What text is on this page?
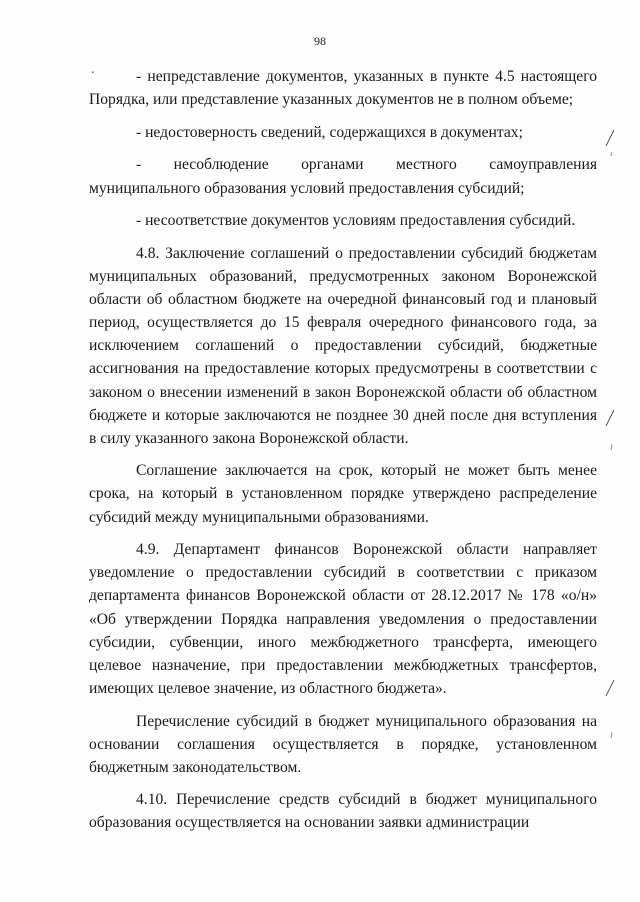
98
.	- непредставление документов, указанных в пункте 4.5 настоящего Порядка, или представление указанных документов не в полном объеме;

- недостоверность сведений, содержащихся в документах;

- несоблюдение органами местного самоуправления муниципального образования условий предоставления субсидий;

- несоответствие документов условиям предоставления субсидий.

4.8. Заключение соглашений о предоставлении субсидий бюджетам муниципальных образований, предусмотренных законом Воронежской области об областном бюджете на очередной финансовый год и плановый период, осуществляется до 15 февраля очередного финансового года, за исключением соглашений о предоставлении субсидий, бюджетные ассигнования на предоставление которых предусмотрены в соответствии с законом о внесении изменений в закон Воронежской области об областном бюджете и которые заключаются не позднее 30 дней после дня вступления в силу указанного закона Воронежской области.

Соглашение заключается на срок, который не может быть менее срока, на который в установленном порядке утверждено распределение субсидий между муниципальными образованиями.

4.9. Департамент финансов Воронежской области направляет уведомление о предоставлении субсидий в соответствии с приказом департамента финансов Воронежской области от 28.12.2017 № 178 «о/н» «Об утверждении Порядка направления уведомления о предоставлении субсидии, субвенции, иного межбюджетного трансферта, имеющего целевое назначение, при предоставлении межбюджетных трансфертов, имеющих целевое значение, из областного бюджета».

Перечисление субсидий в бюджет муниципального образования на основании соглашения осуществляется в порядке, установленном бюджетным законодательством.

4.10. Перечисление средств субсидий в бюджет муниципального образования осуществляется на основании заявки администрации
